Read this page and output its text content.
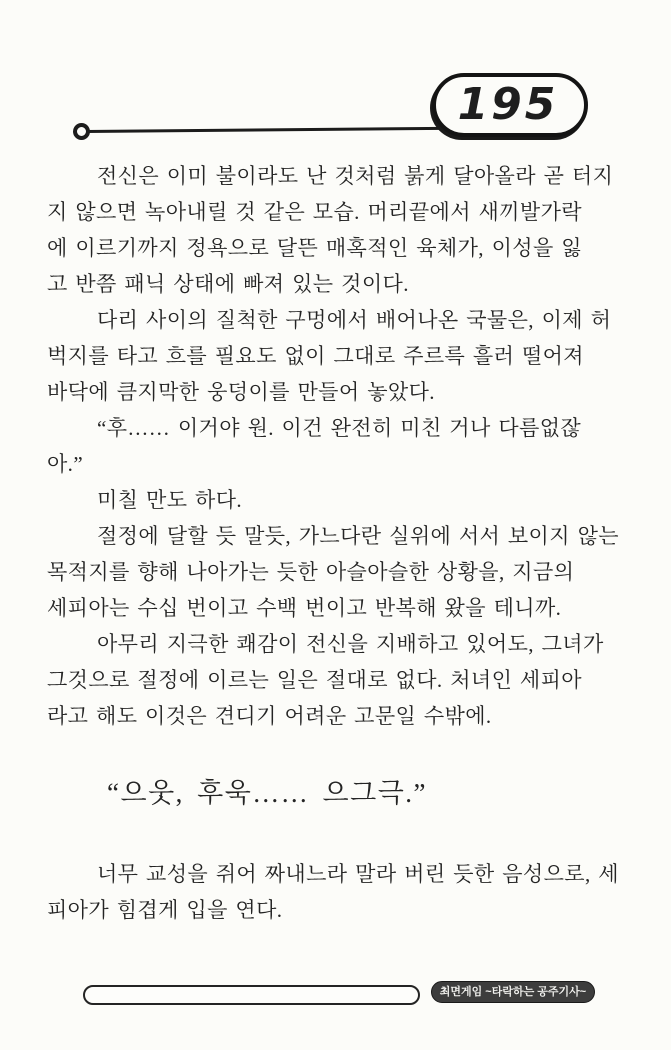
195
전신은 이미 불이라도 난 것처럼 붉게 달아올라 곧 터지
지 않으면 녹아내릴 것 같은 모습. 머리끝에서 새끼발가락
에 이르기까지 정욕으로 달뜬 매혹적인 육체가, 이성을 잃
고 반쯤 패닉 상태에 빠져 있는 것이다.
다리 사이의 질척한 구멍에서 배어나온 국물은, 이제 허
벅지를 타고 흐를 필요도 없이 그대로 주르륵 흘러 떨어져
바닥에 큼지막한 웅덩이를 만들어 놓았다.
“후…… 이거야 원. 이건 완전히 미친 거나 다름없잖
아.”
미칠 만도 하다.
절정에 달할 듯 말듯, 가느다란 실위에 서서 보이지 않는
목적지를 향해 나아가는 듯한 아슬아슬한 상황을, 지금의
세피아는 수십 번이고 수백 번이고 반복해 왔을 테니까.
아무리 지극한 쾌감이 전신을 지배하고 있어도, 그녀가
그것으로 절정에 이르는 일은 절대로 없다. 처녀인 세피아
라고 해도 이것은 견디기 어려운 고문일 수밖에.
“으웃, 후욱…… 으그극.”
너무 교성을 쥐어 짜내느라 말라 버린 듯한 음성으로, 세
피아가 힘겹게 입을 연다.
최면게임 ~타락하는 공주기사~
